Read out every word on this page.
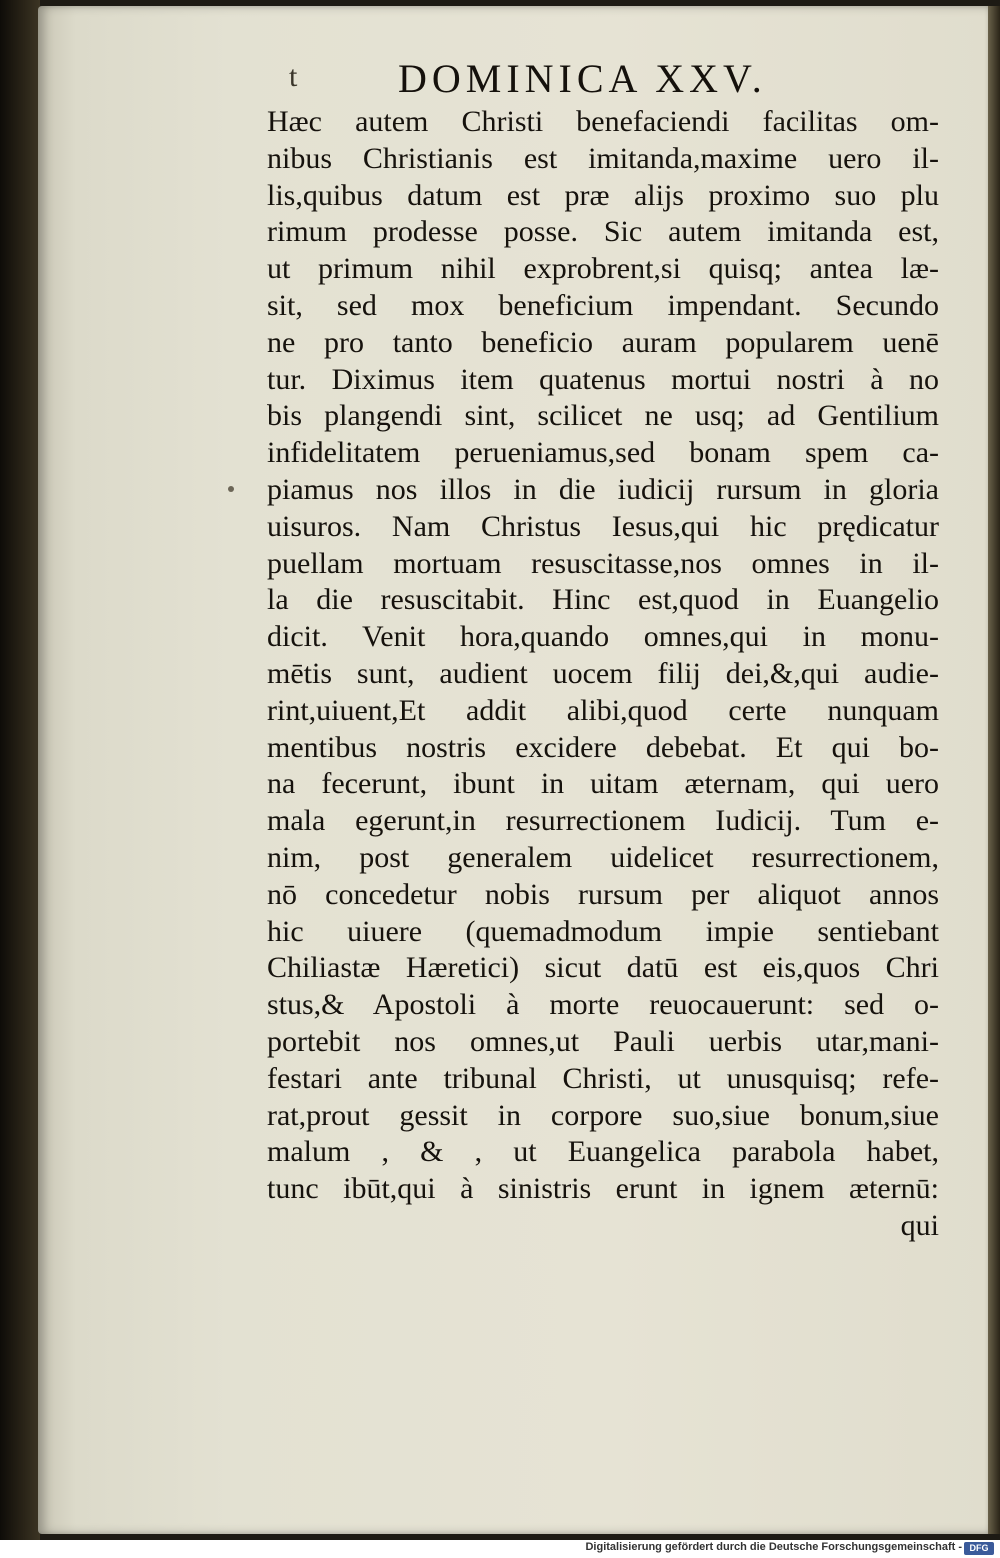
t	DOMINICA XXV.
Hæc autem Christi benefaciendi facilitas om-
nibus Christianis est imitanda,maxime uero il-
lis,quibus datum est præ alijs proximo suo plu
rimum prodesse posse. Sic autem imitanda est,
ut primum nihil exprobrent,si quisq; antea læ-
sit, sed mox beneficium impendant. Secundo
ne pro tanto beneficio auram popularem uenē
tur. Diximus item quatenus mortui nostri à no
bis plangendi sint, scilicet ne usq; ad Gentilium
infidelitatem perueniamus,sed bonam spem ca-
piamus nos illos in die iudicij rursum in gloria
uisuros. Nam Christus Iesus,qui hic prędicatur
puellam mortuam resuscitasse,nos omnes in il-
la die resuscitabit. Hinc est,quod in Euangelio
dicit. Venit hora,quando omnes,qui in monu-
mētis sunt, audient uocem filij dei,&,qui audie-
rint,uiuent,Et addit alibi,quod certe nunquam
mentibus nostris excidere debebat. Et qui bo-
na fecerunt, ibunt in uitam æternam, qui uero
mala egerunt,in resurrectionem Iudicij. Tum e-
nim, post generalem uidelicet resurrectionem,
nō concedetur nobis rursum per aliquot annos
hic uiuere (quemadmodum impie sentiebant
Chiliastæ Hæretici) sicut datū est eis,quos Chri
stus,& Apostoli à morte reuocauerunt: sed o-
portebit nos omnes,ut Pauli uerbis utar,mani-
festari ante tribunal Christi, ut unusquisq; refe-
rat,prout gessit in corpore suo,siue bonum,siue
malum , & , ut Euangelica parabola habet,
tunc ibūt,qui à sinistris erunt in ignem æternū:
qui
Digitalisierung gefördert durch die Deutsche Forschungsgemeinschaft - DFG
